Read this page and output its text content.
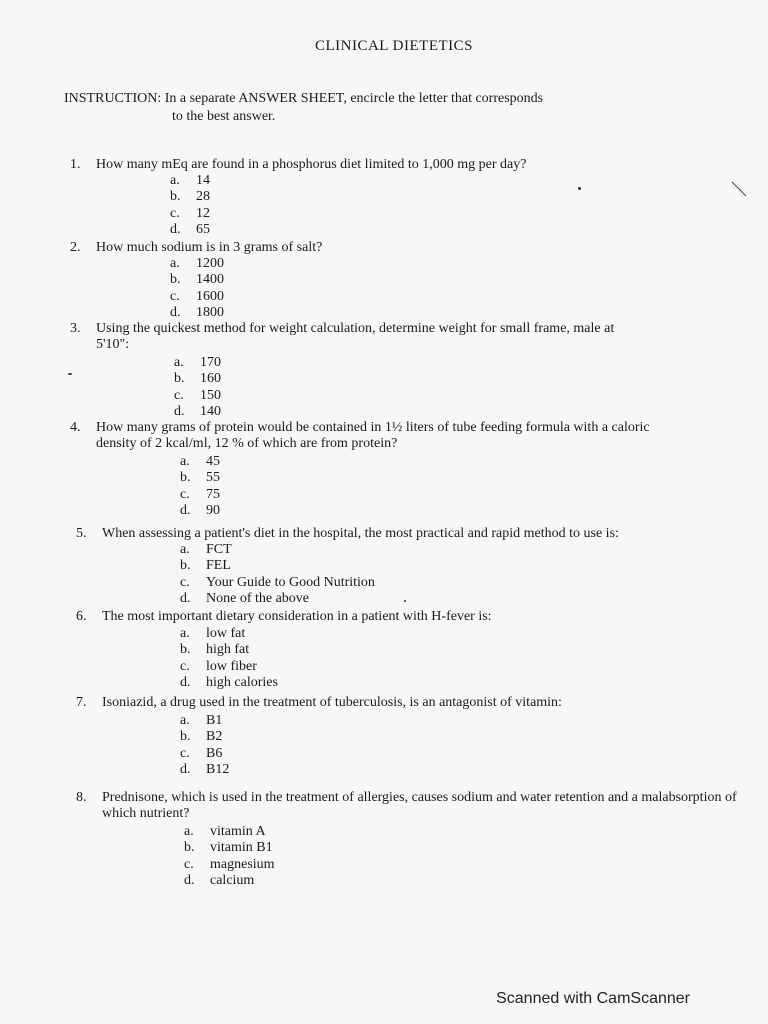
CLINICAL DIETETICS
INSTRUCTION: In a separate ANSWER SHEET, encircle the letter that corresponds
to the best answer.
1.	How many mEq are found in a phosphorus diet limited to 1,000 mg per day?
a.	14
b.	28
c.	12
d.	65
2.	How much sodium is in 3 grams of salt?
a.	1200
b.	1400
c.	1600
d.	1800
3.	Using the quickest method for weight calculation, determine weight for small frame, male at 5'10":
a.	170
b.	160
c.	150
d.	140
4.	How many grams of protein would be contained in 1½ liters of tube feeding formula with a caloric density of 2 kcal/ml, 12 % of which are from protein?
a.	45
b.	55
c.	75
d.	90
5.	When assessing a patient's diet in the hospital, the most practical and rapid method to use is:
a.	FCT
b.	FEL
c.	Your Guide to Good Nutrition
d.	None of the above
6.	The most important dietary consideration in a patient with H-fever is:
a.	low fat
b.	high fat
c.	low fiber
d.	high calories
7.	Isoniazid, a drug used in the treatment of tuberculosis, is an antagonist of vitamin:
a.	B1
b.	B2
c.	B6
d.	B12
8.	Prednisone, which is used in the treatment of allergies, causes sodium and water retention and a malabsorption of which nutrient?
a.	vitamin A
b.	vitamin B1
c.	magnesium
d.	calcium
Scanned with CamScanner
